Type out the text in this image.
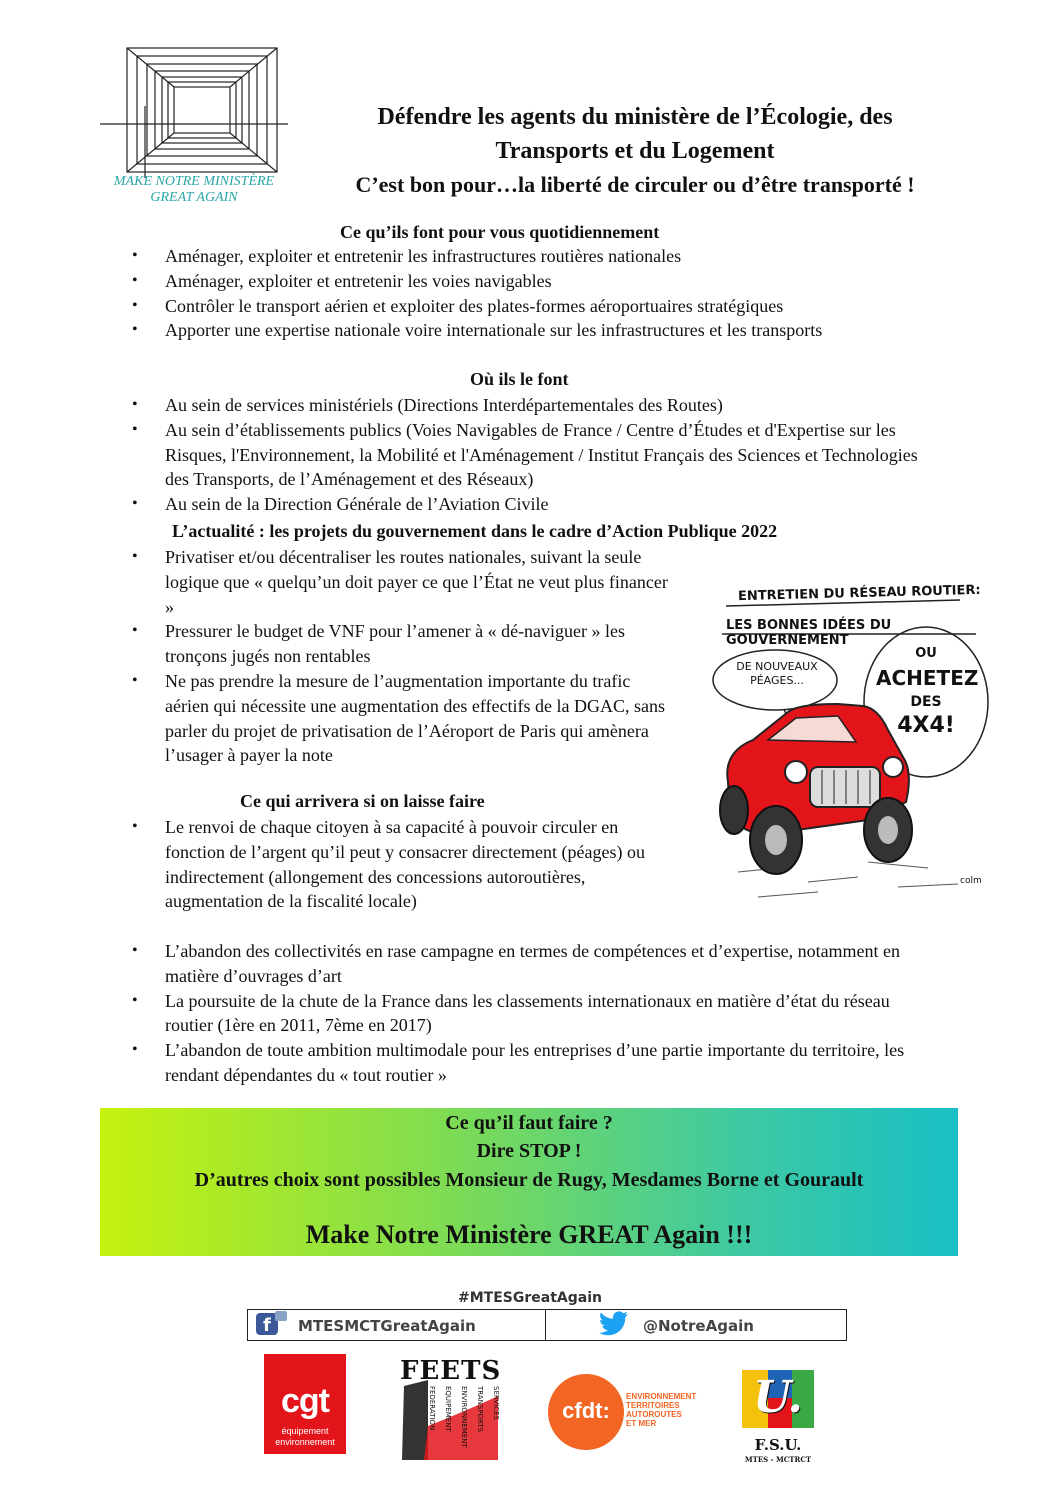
MAKE NOTRE MINISTÈRE
GREAT AGAIN
Défendre les agents du ministère de l’Écologie, des
Transports et du Logement
C’est bon pour…la liberté de circuler ou d’être transporté !
Ce qu’ils font pour vous quotidiennement
• Aménager, exploiter et entretenir les infrastructures routières nationales
• Aménager, exploiter et entretenir les voies navigables
• Contrôler le transport aérien et exploiter des plates-formes aéroportuaires stratégiques
• Apporter une expertise nationale voire internationale sur les infrastructures et les transports
Où ils le font
• Au sein de services ministériels (Directions Interdépartementales des Routes)
• Au sein d’établissements publics (Voies Navigables de France / Centre d’Études et d'Expertise sur les Risques, l'Environnement, la Mobilité et l'Aménagement / Institut Français des Sciences et Technologies des Transports, de l’Aménagement et des Réseaux)
• Au sein de la Direction Générale de l’Aviation Civile
L’actualité : les projets du gouvernement dans le cadre d’Action Publique 2022
• Privatiser et/ou décentraliser les routes nationales, suivant la seule logique que « quelqu’un doit payer ce que l’État ne veut plus financer »
• Pressurer le budget de VNF pour l’amener à « dé-naviguer » les tronçons jugés non rentables
• Ne pas prendre la mesure de l’augmentation importante du trafic aérien qui nécessite une augmentation des effectifs de la DGAC, sans parler du projet de privatisation de l’Aéroport de Paris qui amènera l’usager à payer la note
Ce qui arrivera si on laisse faire
• Le renvoi de chaque citoyen à sa capacité à pouvoir circuler en fonction de l’argent qu’il peut y consacrer directement (péages) ou indirectement (allongement des concessions autoroutières, augmentation de la fiscalité locale)
• L’abandon des collectivités en rase campagne en termes de compétences et d’expertise, notamment en matière d’ouvrages d’art
• La poursuite de la chute de la France dans les classements internationaux en matière d’état du réseau routier (1ère en 2011, 7ème en 2017)
• L’abandon de toute ambition multimodale pour les entreprises d’une partie importante du territoire, les rendant dépendantes du « tout routier »
ENTRETIEN DU RÉSEAU ROUTIER:
LES BONNES IDÉES DU GOUVERNEMENT
DE NOUVEAUX
PÉAGES...
OU
ACHETEZ
DES
4X4!
colm
Ce qu’il faut faire ?
Dire STOP !
D’autres choix sont possibles Monsieur de Rugy, Mesdames Borne et Gourault
Make Notre Ministère GREAT Again !!!
#MTESGreatAgain
f MTESMCTGreatAgain	@NotreAgain
cgt
équipement
environnement
FEETS
FEDERATION EQUIPEMENT ENVIRONNEMENT TRANSPORTS SERVICES	cfdt:
ENVIRONNEMENT
TERRITOIRES
AUTOROUTES
ET MER
U.
F.S.U.
MTES - MCTRCT
